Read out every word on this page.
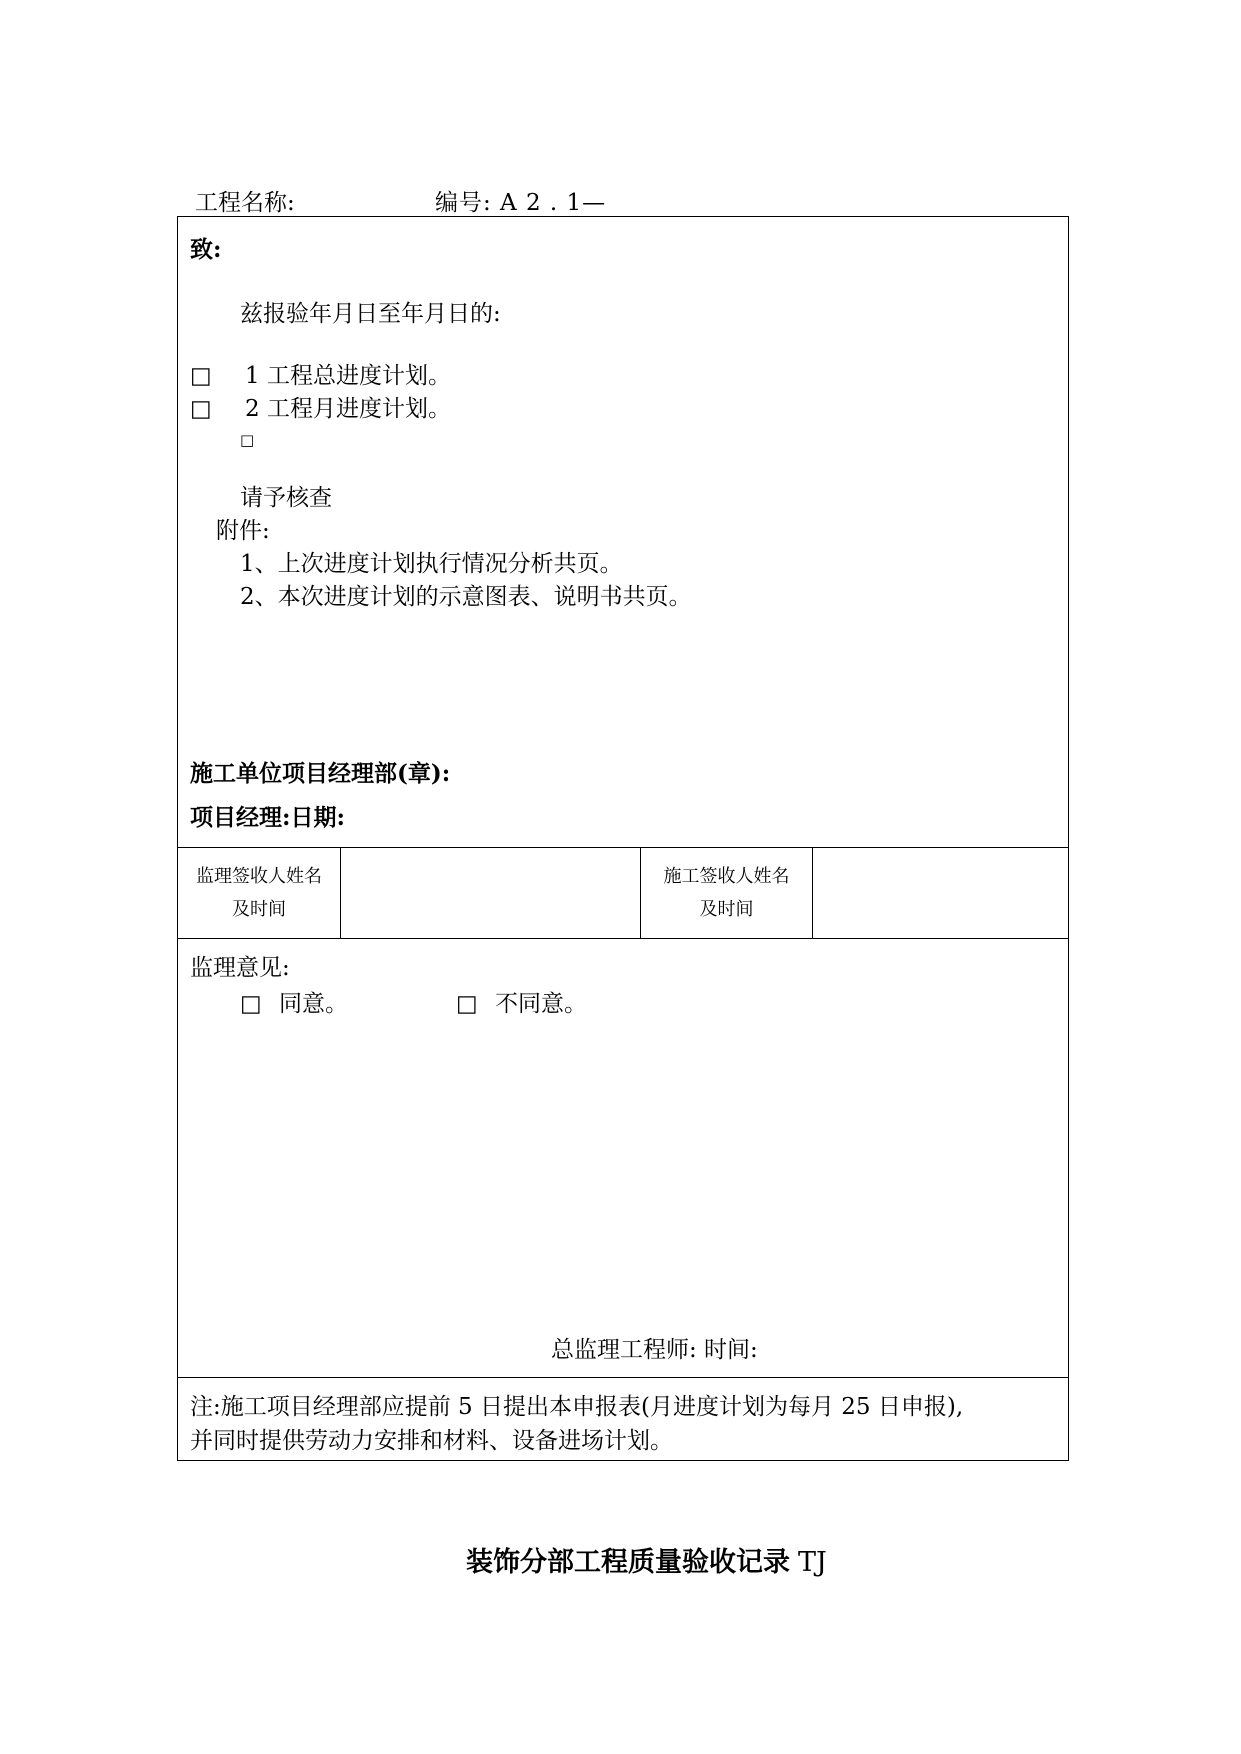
工程名称:	编号: A 2 . 1—
致:
兹报验年月日至年月日的:
□ 1 工程总进度计划。
□ 2 工程月进度计划。
□
请予核查
附件:
1、上次进度计划执行情况分析共页。
2、本次进度计划的示意图表、说明书共页。
施工单位项目经理部(章):
项目经理:日期:
监理签收人姓名
及时间
施工签收人姓名
及时间
监理意见:
□ 同意。	□ 不同意。
总监理工程师: 时间:
注:施工项目经理部应提前 5 日提出本申报表(月进度计划为每月 25 日申报),
并同时提供劳动力安排和材料、设备进场计划。
装饰分部工程质量验收记录 TJ
